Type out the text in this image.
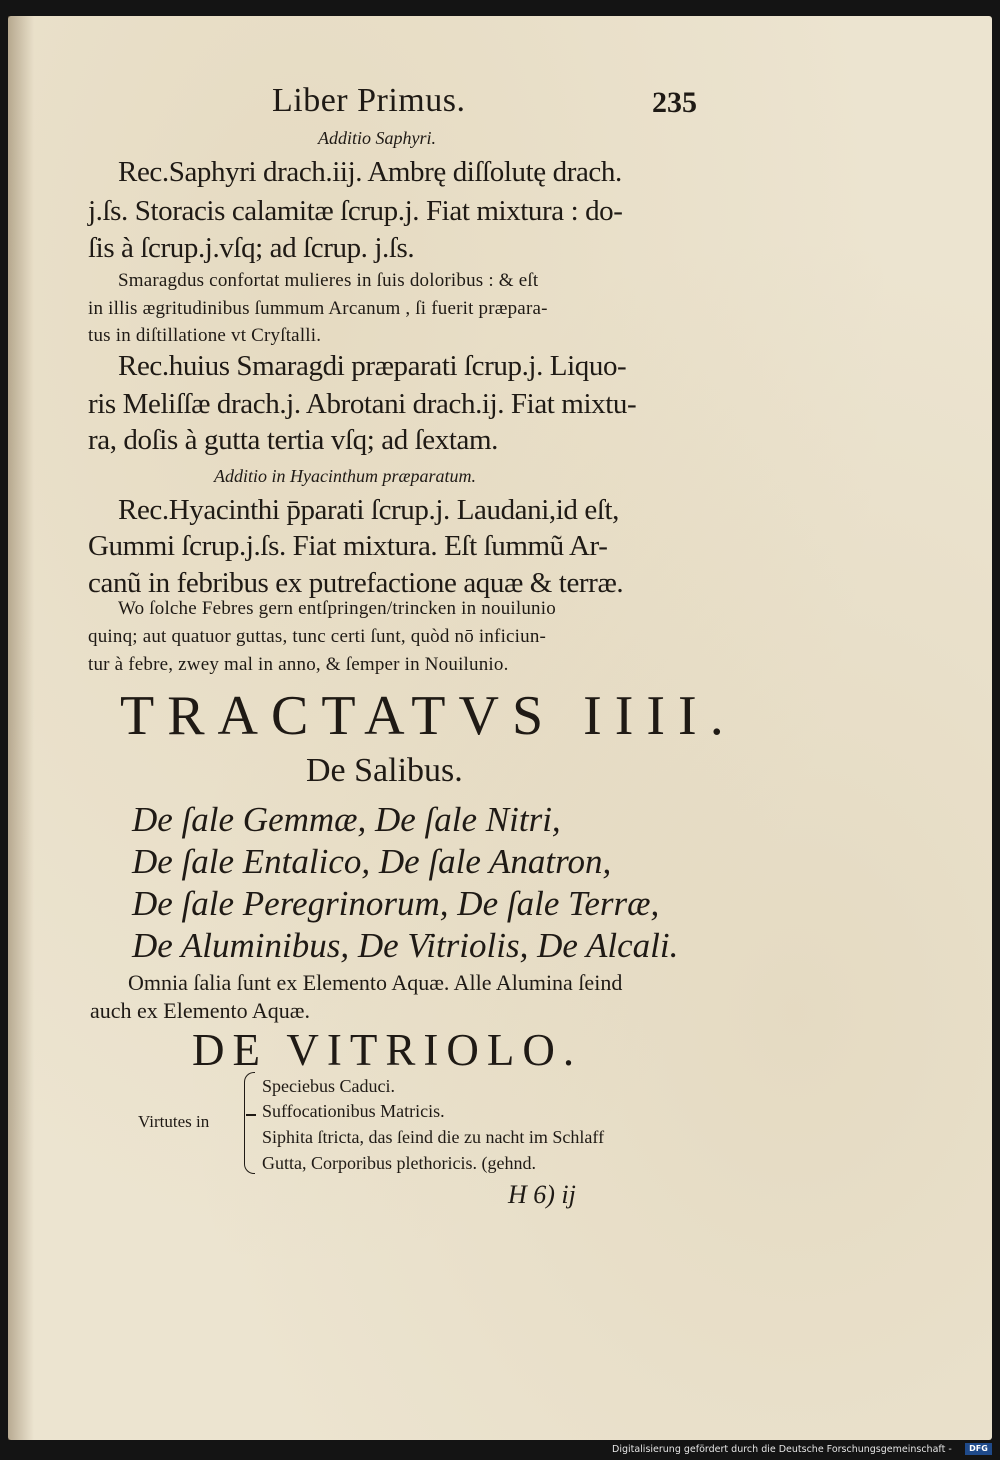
Liber Primus.	235
Additio Saphyri.
Rec.Saphyri drach.iij. Ambrę diſſolutę drach.
j.ſs. Storacis calamitæ ſcrup.j. Fiat mixtura : do-
ſis à ſcrup.j.vſq; ad ſcrup. j.ſs.
Smaragdus confortat mulieres in ſuis doloribus : & eſt
in illis ægritudinibus ſummum Arcanum , ſi fuerit præpara-
tus in diſtillatione vt Cryſtalli.
Rec.huius Smaragdi præparati ſcrup.j. Liquo-
ris Meliſſæ drach.j. Abrotani drach.ij. Fiat mixtu-
ra, doſis à gutta tertia vſq; ad ſextam.
Additio in Hyacinthum præparatum.
Rec.Hyacinthi p̄parati ſcrup.j. Laudani,id eſt,
Gummi ſcrup.j.ſs. Fiat mixtura. Eſt ſummũ Ar-
canũ in febribus ex putrefactione aquæ & terræ.
Wo ſolche Febres gern entſpringen/trincken in nouilunio
quinq; aut quatuor guttas, tunc certi ſunt, quòd nō inficiun-
tur à febre, zwey mal in anno, & ſemper in Nouilunio.
TRACTATVS IIII.
De Salibus.
De ſale Gemmæ, De ſale Nitri,
De ſale Entalico, De ſale Anatron,
De ſale Peregrinorum, De ſale Terræ,
De Aluminibus, De Vitriolis, De Alcali.
Omnia ſalia ſunt ex Elemento Aquæ. Alle Alumina ſeind
auch ex Elemento Aquæ.
DE VITRIOLO.
Virtutes in
Speciebus Caduci.
Suffocationibus Matricis.
Siphita ſtricta, das ſeind die zu nacht im Schlaff
Gutta, Corporibus plethoricis. (gehnd.
H 6) ij
Digitalisierung gefördert durch die Deutsche Forschungsgemeinschaft -	DFG
